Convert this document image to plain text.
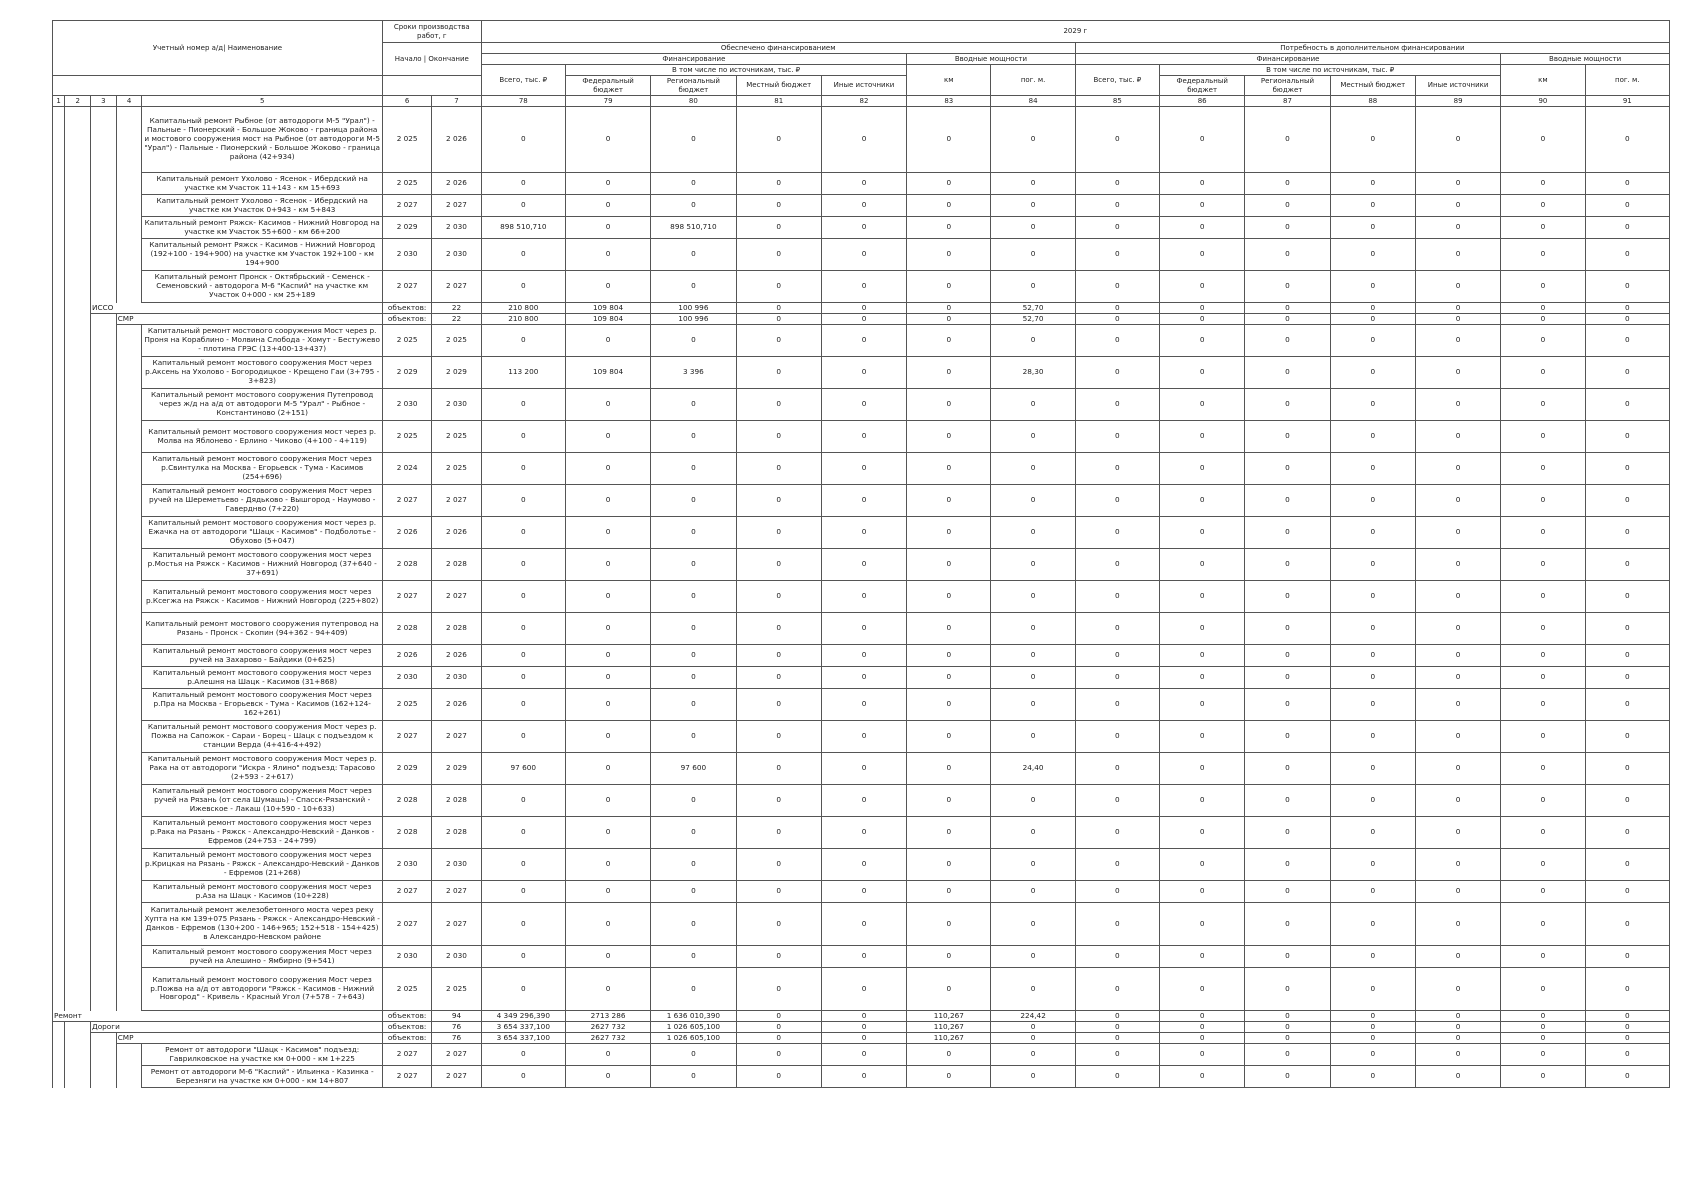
Учетный номер а/д| Наименование					Сроки производства работ, г		2029 г													
					Начало | Окончание		Обеспечено финансированием							Потребность в дополнительном финансировании						
							Финансирование					Вводные мощности		Финансирование					Вводные мощности	
							Всего, тыс. ₽	В том числе по источникам, тыс. ₽				км	пог. м.	Всего, тыс. ₽	В том числе по источникам, тыс. ₽				км	пог. м.
								Федеральный бюджет	Региональный бюджет	Местный бюджет	Иные источники				Федеральный бюджет	Региональный бюджет	Местный бюджет	Иные источники		
1	2	3	4	5	6	7	78	79	80	81	82	83	84	85	86	87	88	89	90	91
				Капитальный ремонт Рыбное (от автодороги М-5 "Урал") - Пальные - Пионерский - Большое Жоково - граница района и мостового сооружения мост на Рыбное (от автодороги М-5 "Урал") - Пальные - Пионерский - Большое Жоково - граница района (42+934)	2 025	2 026	0	0	0	0	0	0	0	0	0	0	0	0	0	0
				Капитальный ремонт Ухолово - Ясенок - Ибердский на участке км Участок 11+143 - км 15+693	2 025	2 026	0	0	0	0	0	0	0	0	0	0	0	0	0	0
				Капитальный ремонт Ухолово - Ясенок - Ибердский на участке км Участок 0+943 - км 5+843	2 027	2 027	0	0	0	0	0	0	0	0	0	0	0	0	0	0
				Капитальный ремонт Ряжск- Касимов - Нижний Новгород на участке км Участок 55+600 - км 66+200	2 029	2 030	898 510,710	0	898 510,710	0	0	0	0	0	0	0	0	0	0	0
				Капитальный ремонт Ряжск - Касимов - Нижний Новгород (192+100 - 194+900) на участке км Участок 192+100 - км 194+900	2 030	2 030	0	0	0	0	0	0	0	0	0	0	0	0	0	0
				Капитальный ремонт Пронск - Октябрьский - Семенск - Семеновский - автодорога М-6 "Каспий" на участке км Участок 0+000 - км 25+189	2 027	2 027	0	0	0	0	0	0	0	0	0	0	0	0	0	0
		ИССО			объектов:	22	210 800	109 804	100 996	0	0	0	52,70	0	0	0	0	0	0	0
			СМР		объектов:	22	210 800	109 804	100 996	0	0	0	52,70	0	0	0	0	0	0	0
				Капитальный ремонт мостового сооружения Мост через р. Проня на Кораблино - Молвина Слобода - Хомут - Бестужево - плотина ГРЭС (13+400-13+437)	2 025	2 025	0	0	0	0	0	0	0	0	0	0	0	0	0	0
				Капитальный ремонт мостового сооружения Мост через р.Аксень на Ухолово - Богородицкое - Крещено Гаи (3+795 - 3+823)	2 029	2 029	113 200	109 804	3 396	0	0	0	28,30	0	0	0	0	0	0	0
				Капитальный ремонт мостового сооружения Путепровод через ж/д на а/д от автодороги М-5 "Урал" - Рыбное - Константиново (2+151)	2 030	2 030	0	0	0	0	0	0	0	0	0	0	0	0	0	0
				Капитальный ремонт мостового сооружения мост через р. Молва на Яблонево - Ерлино - Чиково (4+100 - 4+119)	2 025	2 025	0	0	0	0	0	0	0	0	0	0	0	0	0	0
				Капитальный ремонт мостового сооружения Мост через р.Свинтулка на Москва - Егорьевск - Тума - Касимов (254+696)	2 024	2 025	0	0	0	0	0	0	0	0	0	0	0	0	0	0
				Капитальный ремонт мостового сооружения Мост через ручей на Шереметьево - Дядьково - Вышгород - Наумово - Гаверднво (7+220)	2 027	2 027	0	0	0	0	0	0	0	0	0	0	0	0	0	0
				Капитальный ремонт мостового сооружения мост через р. Ежачка на от автодороги "Шацк - Касимов" - Подболотье - Обухово (5+047)	2 026	2 026	0	0	0	0	0	0	0	0	0	0	0	0	0	0
				Капитальный ремонт мостового сооружения мост через р.Мостья на Ряжск - Касимов - Нижний Новгород (37+640 - 37+691)	2 028	2 028	0	0	0	0	0	0	0	0	0	0	0	0	0	0
				Капитальный ремонт мостового сооружения мост через р.Ксегжа на Ряжск - Касимов - Нижний Новгород (225+802)	2 027	2 027	0	0	0	0	0	0	0	0	0	0	0	0	0	0
				Капитальный ремонт мостового сооружения путепровод на Рязань - Пронск - Скопин (94+362 - 94+409)	2 028	2 028	0	0	0	0	0	0	0	0	0	0	0	0	0	0
				Капитальный ремонт мостового сооружения мост через ручей на Захарово - Байдики (0+625)	2 026	2 026	0	0	0	0	0	0	0	0	0	0	0	0	0	0
				Капитальный ремонт мостового сооружения мост через р.Алешня на Шацк - Касимов (31+868)	2 030	2 030	0	0	0	0	0	0	0	0	0	0	0	0	0	0
				Капитальный ремонт мостового сооружения Мост через р.Пра на Москва - Егорьевск - Тума - Касимов (162+124-162+261)	2 025	2 026	0	0	0	0	0	0	0	0	0	0	0	0	0	0
				Капитальный ремонт мостового сооружения Мост через р. Пожва на Сапожок - Сараи - Борец - Шацк с подъездом к станции Верда (4+416-4+492)	2 027	2 027	0	0	0	0	0	0	0	0	0	0	0	0	0	0
				Капитальный ремонт мостового сооружения Мост через р. Рака на от автодороги "Искра - Ялино" подъезд: Тарасово (2+593 - 2+617)	2 029	2 029	97 600	0	97 600	0	0	0	24,40	0	0	0	0	0	0	0
				Капитальный ремонт мостового сооружения Мост через ручей на Рязань (от села Шумашь) - Спасск-Рязанский - Ижевское - Лакаш (10+590 - 10+633)	2 028	2 028	0	0	0	0	0	0	0	0	0	0	0	0	0	0
				Капитальный ремонт мостового сооружения мост через р.Рака на Рязань - Ряжск - Александро-Невский - Данков - Ефремов (24+753 - 24+799)	2 028	2 028	0	0	0	0	0	0	0	0	0	0	0	0	0	0
				Капитальный ремонт мостового сооружения мост через р.Крицкая на Рязань - Ряжск - Александро-Невский - Данков - Ефремов (21+268)	2 030	2 030	0	0	0	0	0	0	0	0	0	0	0	0	0	0
				Капитальный ремонт мостового сооружения мост через р.Аза на Шацк - Касимов (10+228)	2 027	2 027	0	0	0	0	0	0	0	0	0	0	0	0	0	0
				Капитальный ремонт железобетонного моста через реку Хупта на км 139+075 Рязань - Ряжск - Александро-Невский - Данков - Ефремов (130+200 - 146+965; 152+518 - 154+425) в Александро-Невском районе	2 027	2 027	0	0	0	0	0	0	0	0	0	0	0	0	0	0
				Капитальный ремонт мостового сооружения Мост через ручей на Алешино - Ямбирно (9+541)	2 030	2 030	0	0	0	0	0	0	0	0	0	0	0	0	0	0
				Капитальный ремонт мостового сооружения Мост через р.Пожва на а/д от автодороги "Ряжск - Касимов - Нижний Новгород" - Кривель - Красный Угол (7+578 - 7+643)	2 025	2 025	0	0	0	0	0	0	0	0	0	0	0	0	0	0
Ремонт					объектов:	94	4 349 296,390	2713 286	1 636 010,390	0	0	110,267	224,42	0	0	0	0	0	0	0
		Дороги			объектов:	76	3 654 337,100	2627 732	1 026 605,100	0	0	110,267	0	0	0	0	0	0	0	0
			СМР		объектов:	76	3 654 337,100	2627 732	1 026 605,100	0	0	110,267	0	0	0	0	0	0	0	0
				Ремонт от автодороги "Шацк - Касимов" подъезд: Гаврилковское на участке км 0+000 - км 1+225	2 027	2 027	0	0	0	0	0	0	0	0	0	0	0	0	0	0
				Ремонт от автодороги М-6 "Каспий" - Ильинка - Казинка - Березняги на участке км 0+000 - км 14+807	2 027	2 027	0	0	0	0	0	0	0	0	0	0	0	0	0	0
